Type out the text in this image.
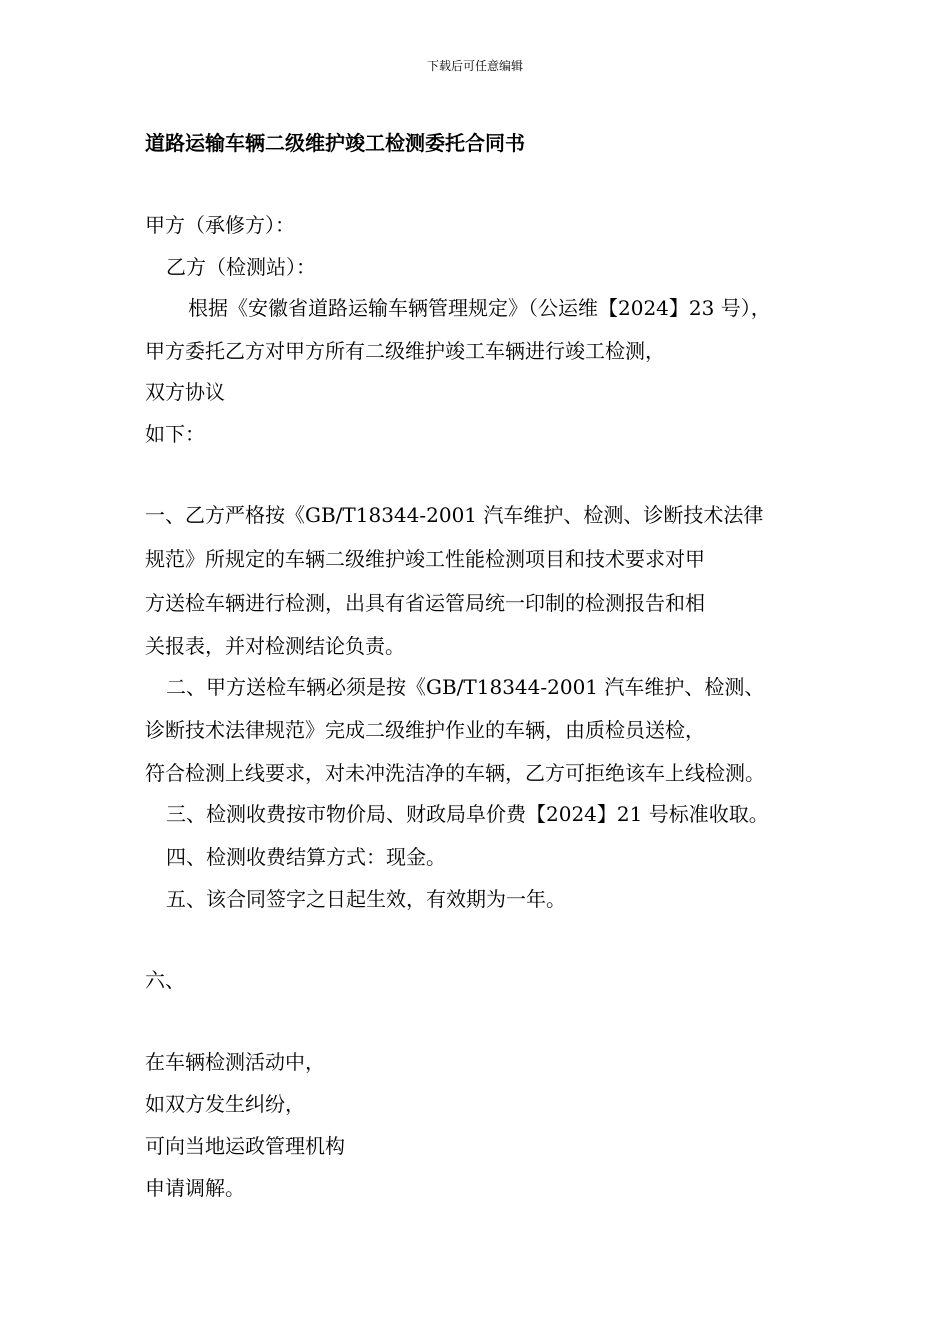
下载后可任意编辑
道路运输车辆二级维护竣工检测委托合同书
甲方（承修方）：
乙方（检测站）：
根据《安徽省道路运输车辆管理规定》（公运维【2024】23 号），
甲方委托乙方对甲方所有二级维护竣工车辆进行竣工检测，
双方协议
如下：
一、乙方严格按《GB/T18344-2001 汽车维护、检测、诊断技术法律
规范》所规定的车辆二级维护竣工性能检测项目和技术要求对甲
方送检车辆进行检测，出具有省运管局统一印制的检测报告和相
关报表，并对检测结论负责。
二、甲方送检车辆必须是按《GB/T18344-2001 汽车维护、检测、
诊断技术法律规范》完成二级维护作业的车辆，由质检员送检，
符合检测上线要求，对未冲洗洁净的车辆，乙方可拒绝该车上线检测。
三、检测收费按市物价局、财政局阜价费【2024】21 号标准收取。
四、检测收费结算方式：现金。
五、该合同签字之日起生效，有效期为一年。
六、
在车辆检测活动中，
如双方发生纠纷，
可向当地运政管理机构
申请调解。
